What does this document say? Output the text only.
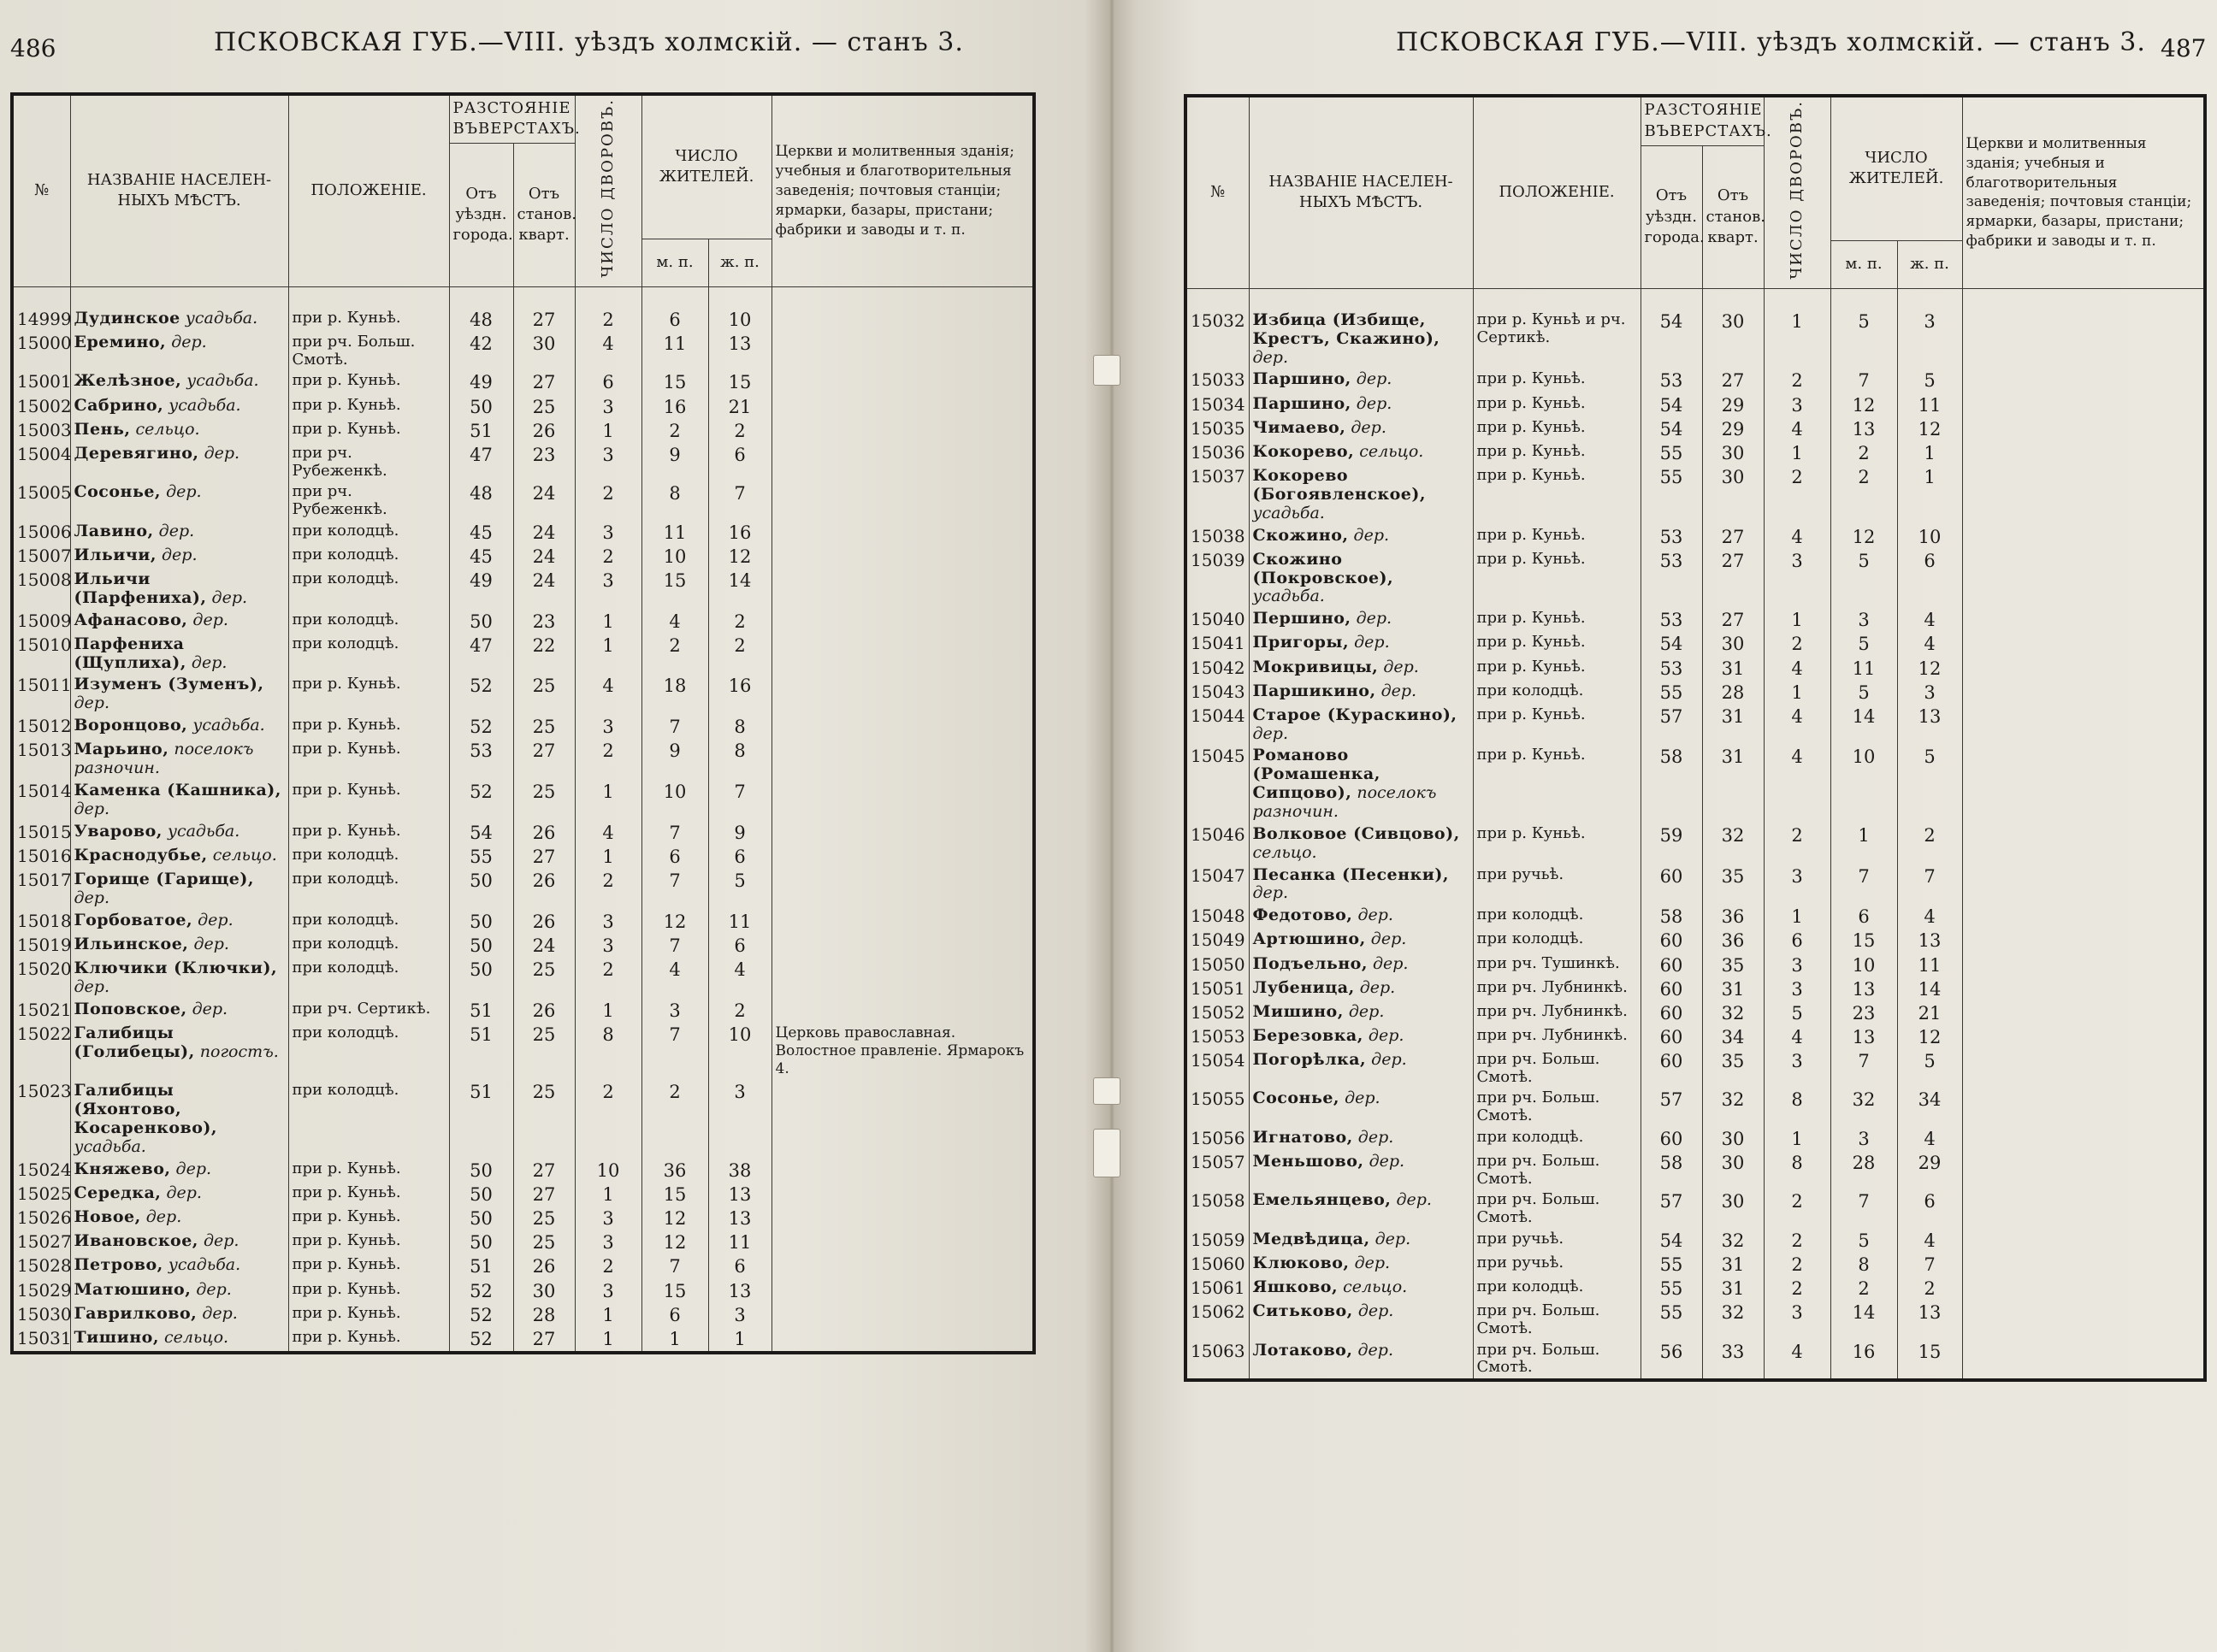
486	ПСКОВСКАЯ ГУБ.—VIII. уѣздъ холмскій. — станъ 3.
№	НАЗВАНІЕ НАСЕЛЕН-НЫХЪ МѢСТЪ.	ПОЛОЖЕНІЕ.	РАЗСТОЯНІЕ ВЪВЕРСТАХЪ.		ЧИСЛО ДВОРОВЪ.	ЧИСЛО ЖИТЕЛЕЙ.		Церкви и молитвенныя зданія; учебныя и благотворительныя заведенія; почтовыя станціи; ярмарки, базары, пристани; фабрики и заводы и т. п.
			Отъ уѣздн. города.	Отъ станов. кварт.				
						м. п.	ж. п.	
14999	Дудинское усадьба.	при р. Куньѣ.	48	27	2	6	10	
15000	Еремино, дер.	при рч. Больш. Смотѣ.	42	30	4	11	13	
15001	Желѣзное, усадьба.	при р. Куньѣ.	49	27	6	15	15	
15002	Сабрино, усадьба.	при р. Куньѣ.	50	25	3	16	21	
15003	Пень, сельцо.	при р. Куньѣ.	51	26	1	2	2	
15004	Деревягино, дер.	при рч. Рубеженкѣ.	47	23	3	9	6	
15005	Сосонье, дер.	при рч. Рубеженкѣ.	48	24	2	8	7	
15006	Лавино, дер.	при колодцѣ.	45	24	3	11	16	
15007	Ильичи, дер.	при колодцѣ.	45	24	2	10	12	
15008	Ильичи (Парфениха), дер.	при колодцѣ.	49	24	3	15	14	
15009	Афанасово, дер.	при колодцѣ.	50	23	1	4	2	
15010	Парфениха (Щуплиха), дер.	при колодцѣ.	47	22	1	2	2	
15011	Изуменъ (Зуменъ), дер.	при р. Куньѣ.	52	25	4	18	16	
15012	Воронцово, усадьба.	при р. Куньѣ.	52	25	3	7	8	
15013	Марьино, поселокъ разночин.	при р. Куньѣ.	53	27	2	9	8	
15014	Каменка (Кашника), дер.	при р. Куньѣ.	52	25	1	10	7	
15015	Уварово, усадьба.	при р. Куньѣ.	54	26	4	7	9	
15016	Краснодубье, сельцо.	при колодцѣ.	55	27	1	6	6	
15017	Горище (Гарище), дер.	при колодцѣ.	50	26	2	7	5	
15018	Горбоватое, дер.	при колодцѣ.	50	26	3	12	11	
15019	Ильинское, дер.	при колодцѣ.	50	24	3	7	6	
15020	Ключики (Ключки), дер.	при колодцѣ.	50	25	2	4	4	
15021	Поповское, дер.	при рч. Сертикѣ.	51	26	1	3	2	
15022	Галибицы (Голибецы), погостъ.	при колодцѣ.	51	25	8	7	10	Церковь православная. Волостное правленіе. Ярмарокъ 4.
15023	Галибицы (Яхонтово, Косаренково), усадьба.	при колодцѣ.	51	25	2	2	3	
15024	Княжево, дер.	при р. Куньѣ.	50	27	10	36	38	
15025	Середка, дер.	при р. Куньѣ.	50	27	1	15	13	
15026	Новое, дер.	при р. Куньѣ.	50	25	3	12	13	
15027	Ивановское, дер.	при р. Куньѣ.	50	25	3	12	11	
15028	Петрово, усадьба.	при р. Куньѣ.	51	26	2	7	6	
15029	Матюшино, дер.	при р. Куньѣ.	52	30	3	15	13	
15030	Гаврилково, дер.	при р. Куньѣ.	52	28	1	6	3	
15031	Тишино, сельцо.	при р. Куньѣ.	52	27	1	1	1	
ПСКОВСКАЯ ГУБ.—VIII. уѣздъ холмскій. — станъ 3. 487
№	НАЗВАНІЕ НАСЕЛЕН-НЫХЪ МѢСТЪ.	ПОЛОЖЕНІЕ.	РАЗСТОЯНІЕ ВЪВЕРСТАХЪ.		ЧИСЛО ДВОРОВЪ.	ЧИСЛО ЖИТЕЛЕЙ.		Церкви и молитвенныя зданія; учебныя и благотворительныя заведенія; почтовыя станціи; ярмарки, базары, пристани; фабрики и заводы и т. п.
			Отъ уѣздн. города.	Отъ станов. кварт.				
						м. п.	ж. п.	
15032	Избица (Избище, Крестъ, Скажино), дер.	при р. Куньѣ и рч. Сертикѣ.	54	30	1	5	3	
15033	Паршино, дер.	при р. Куньѣ.	53	27	2	7	5	
15034	Паршино, дер.	при р. Куньѣ.	54	29	3	12	11	
15035	Чимаево, дер.	при р. Куньѣ.	54	29	4	13	12	
15036	Кокорево, сельцо.	при р. Куньѣ.	55	30	1	2	1	
15037	Кокорево (Богоявленское), усадьба.	при р. Куньѣ.	55	30	2	2	1	
15038	Скожино, дер.	при р. Куньѣ.	53	27	4	12	10	
15039	Скожино (Покровское), усадьба.	при р. Куньѣ.	53	27	3	5	6	
15040	Першино, дер.	при р. Куньѣ.	53	27	1	3	4	
15041	Пригоры, дер.	при р. Куньѣ.	54	30	2	5	4	
15042	Мокривицы, дер.	при р. Куньѣ.	53	31	4	11	12	
15043	Паршикино, дер.	при колодцѣ.	55	28	1	5	3	
15044	Старое (Курaскино), дер.	при р. Куньѣ.	57	31	4	14	13	
15045	Романово (Ромашенка, Сипцово), поселокъ разночин.	при р. Куньѣ.	58	31	4	10	5	
15046	Волковое (Сивцово), сельцо.	при р. Куньѣ.	59	32	2	1	2	
15047	Песанка (Песенки), дер.	при ручьѣ.	60	35	3	7	7	
15048	Федотово, дер.	при колодцѣ.	58	36	1	6	4	
15049	Артюшино, дер.	при колодцѣ.	60	36	6	15	13	
15050	Подъельно, дер.	при рч. Тушинкѣ.	60	35	3	10	11	
15051	Лубеница, дер.	при рч. Лубнинкѣ.	60	31	3	13	14	
15052	Мишино, дер.	при рч. Лубнинкѣ.	60	32	5	23	21	
15053	Березовка, дер.	при рч. Лубнинкѣ.	60	34	4	13	12	
15054	Погорѣлка, дер.	при рч. Больш. Смотѣ.	60	35	3	7	5	
15055	Сосонье, дер.	при рч. Больш. Смотѣ.	57	32	8	32	34	
15056	Игнатово, дер.	при колодцѣ.	60	30	1	3	4	
15057	Меньшово, дер.	при рч. Больш. Смотѣ.	58	30	8	28	29	
15058	Емельянцево, дер.	при рч. Больш. Смотѣ.	57	30	2	7	6	
15059	Медвѣдица, дер.	при ручьѣ.	54	32	2	5	4	
15060	Клюково, дер.	при ручьѣ.	55	31	2	8	7	
15061	Яшково, сельцо.	при колодцѣ.	55	31	2	2	2	
15062	Ситьково, дер.	при рч. Больш. Смотѣ.	55	32	3	14	13	
15063	Лотаково, дер.	при рч. Больш. Смотѣ.	56	33	4	16	15	
